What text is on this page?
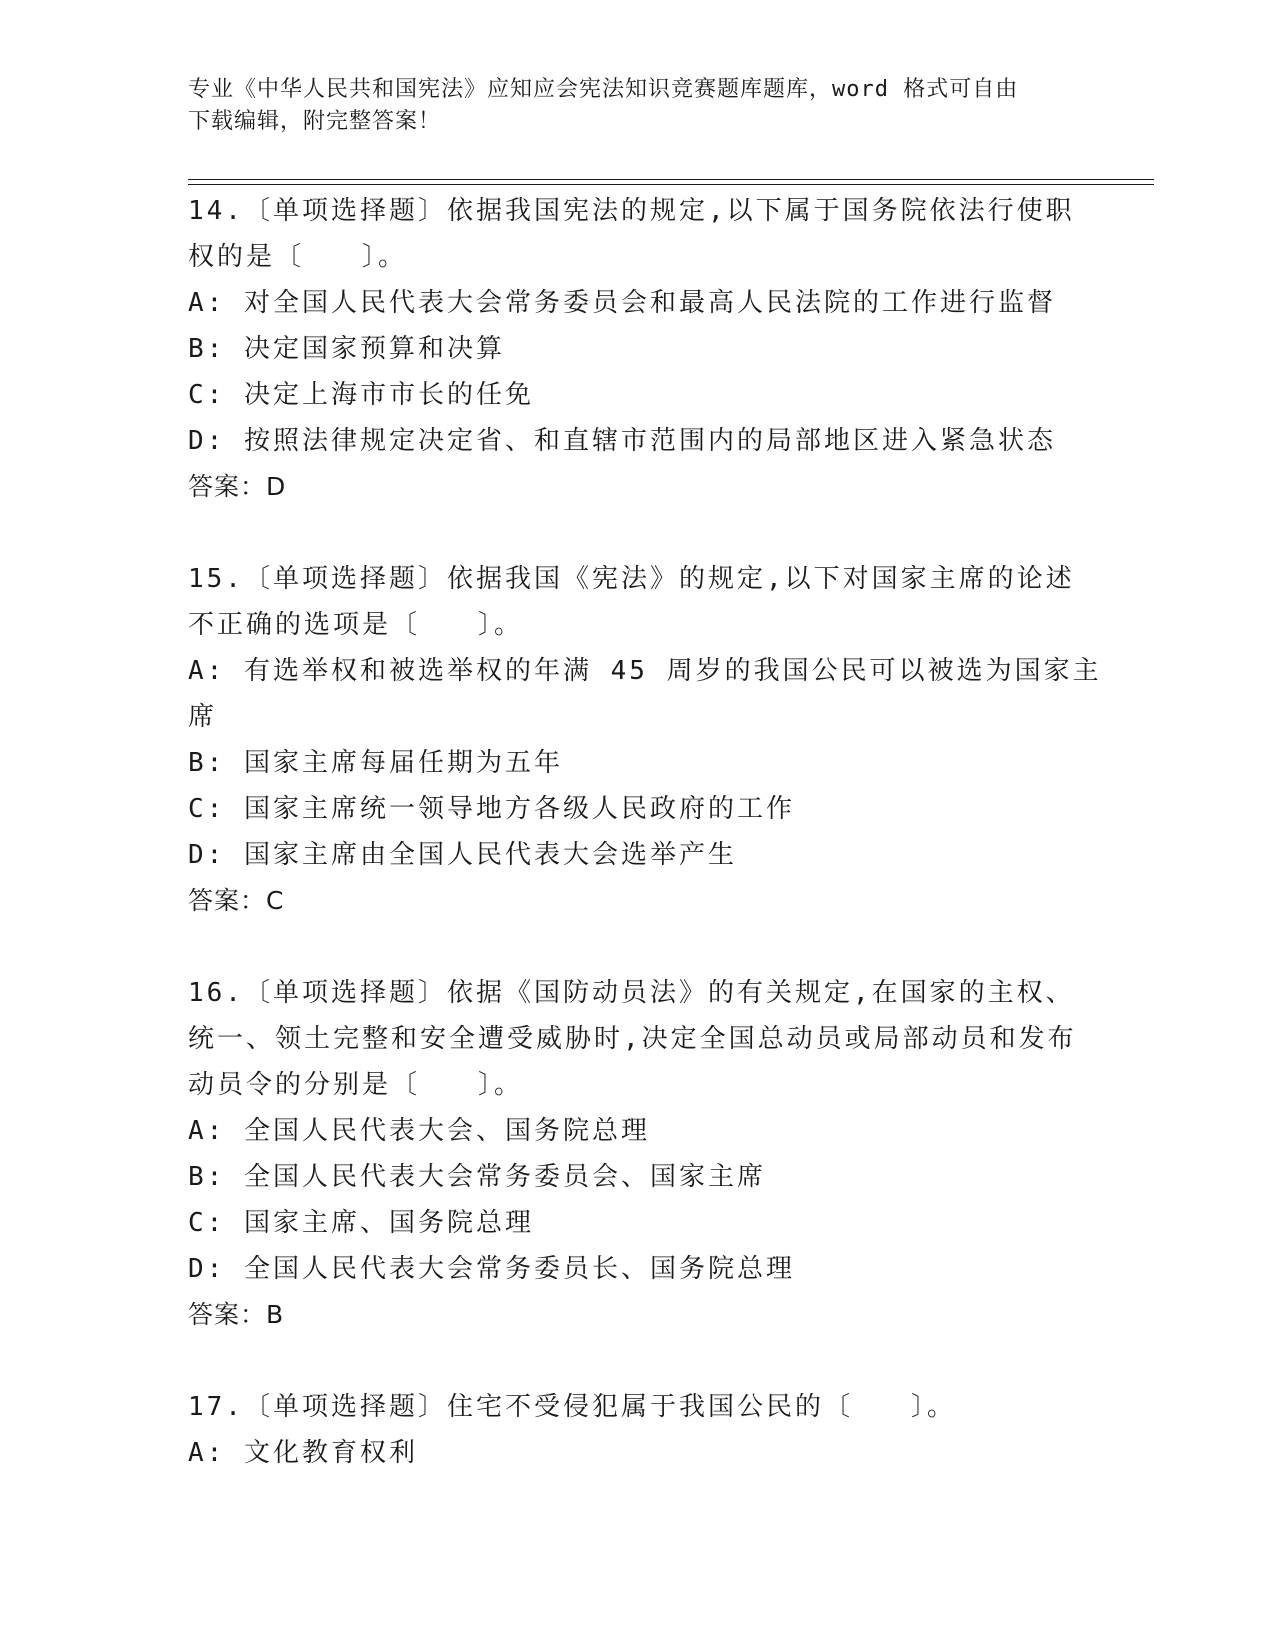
专业《中华人民共和国宪法》应知应会宪法知识竞赛题库题库，word 格式可自由
下载编辑，附完整答案！
14.〔单项选择题〕依据我国宪法的规定,以下属于国务院依法行使职
权的是〔　　〕。
A: 对全国人民代表大会常务委员会和最高人民法院的工作进行监督
B: 决定国家预算和决算
C: 决定上海市市长的任免
D: 按照法律规定决定省、和直辖市范围内的局部地区进入紧急状态
答案：D
15.〔单项选择题〕依据我国《宪法》的规定,以下对国家主席的论述
不正确的选项是〔　　〕。
A: 有选举权和被选举权的年满 45 周岁的我国公民可以被选为国家主
席
B: 国家主席每届任期为五年
C: 国家主席统一领导地方各级人民政府的工作
D: 国家主席由全国人民代表大会选举产生
答案：C
16.〔单项选择题〕依据《国防动员法》的有关规定,在国家的主权、
统一、领土完整和安全遭受威胁时,决定全国总动员或局部动员和发布
动员令的分别是〔　　〕。
A: 全国人民代表大会、国务院总理
B: 全国人民代表大会常务委员会、国家主席
C: 国家主席、国务院总理
D: 全国人民代表大会常务委员长、国务院总理
答案：B
17.〔单项选择题〕住宅不受侵犯属于我国公民的〔　　〕。
A: 文化教育权利
